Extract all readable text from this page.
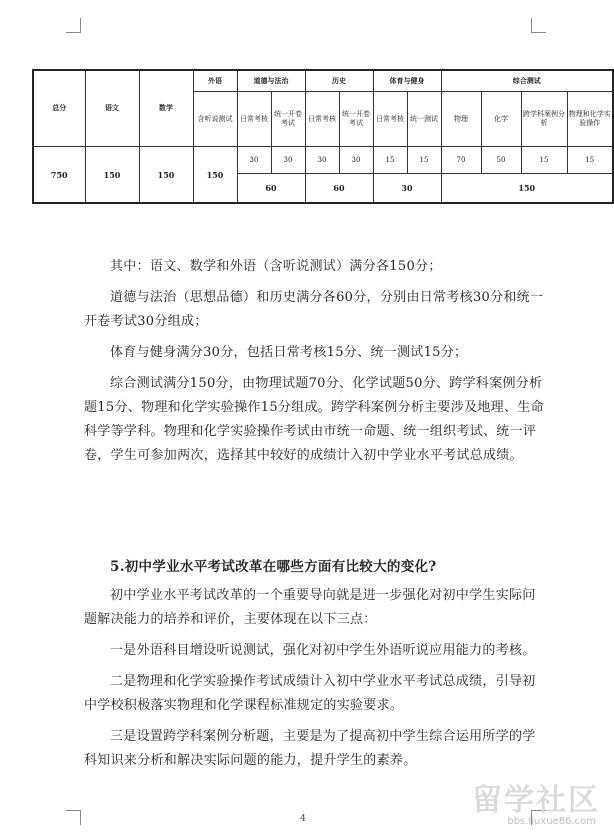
总分	语文	数学	外语	道德与法治		历史		体育与健身		综合测试			
			含听说测试	日常考核	统一开卷考试	日常考核	统一开卷考试	日常考核	统一测试	物理	化学	跨学科案例分析	物理和化学实验操作
750	150	150	150	30	30	30	30	15	15	70	50	15	15
				60		60		30		150			

其中：语文、数学和外语（含听说测试）满分各150分；

道德与法治（思想品德）和历史满分各60分，分别由日常考核30分和统一开卷考试30分组成；

体育与健身满分30分，包括日常考核15分、统一测试15分；

综合测试满分150分，由物理试题70分、化学试题50分、跨学科案例分析题15分、物理和化学实验操作15分组成。跨学科案例分析主要涉及地理、生命科学等学科。物理和化学实验操作考试由市统一命题、统一组织考试、统一评卷，学生可参加两次，选择其中较好的成绩计入初中学业水平考试总成绩。

5.初中学业水平考试改革在哪些方面有比较大的变化?

初中学业水平考试改革的一个重要导向就是进一步强化对初中学生实际问题解决能力的培养和评价，主要体现在以下三点：

一是外语科目增设听说测试，强化对初中学生外语听说应用能力的考核。

二是物理和化学实验操作考试成绩计入初中学业水平考试总成绩，引导初中学校积极落实物理和化学课程标准规定的实验要求。

三是设置跨学科案例分析题，主要是为了提高初中学生综合运用所学的学科知识来分析和解决实际问题的能力，提升学生的素养。

4
留学社区
bbs.liuxue86.com
